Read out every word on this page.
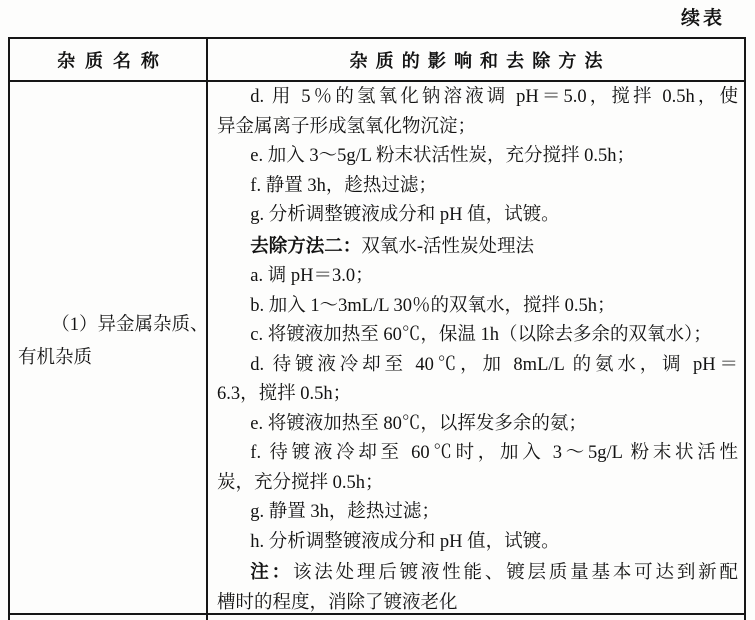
续表
杂质名称	杂质的影响和去除方法
（1）异金属杂质、
有机杂质
d. 用 5％的氢氧化钠溶液调 pH＝5.0，搅拌 0.5h，使
异金属离子形成氢氧化物沉淀；
e. 加入 3～5g/L 粉末状活性炭，充分搅拌 0.5h；
f. 静置 3h，趁热过滤；
g. 分析调整镀液成分和 pH 值，试镀。
去除方法二：双氧水-活性炭处理法
a. 调 pH＝3.0；
b. 加入 1～3mL/L 30％的双氧水，搅拌 0.5h；
c. 将镀液加热至 60℃，保温 1h（以除去多余的双氧水）；
d. 待镀液冷却至 40℃，加 8mL/L 的氨水，调 pH＝
6.3，搅拌 0.5h；
e. 将镀液加热至 80℃，以挥发多余的氨；
f. 待镀液冷却至 60℃时，加入 3～5g/L 粉末状活性
炭，充分搅拌 0.5h；
g. 静置 3h，趁热过滤；
h. 分析调整镀液成分和 pH 值，试镀。
注：该法处理后镀液性能、镀层质量基本可达到新配
槽时的程度，消除了镀液老化
